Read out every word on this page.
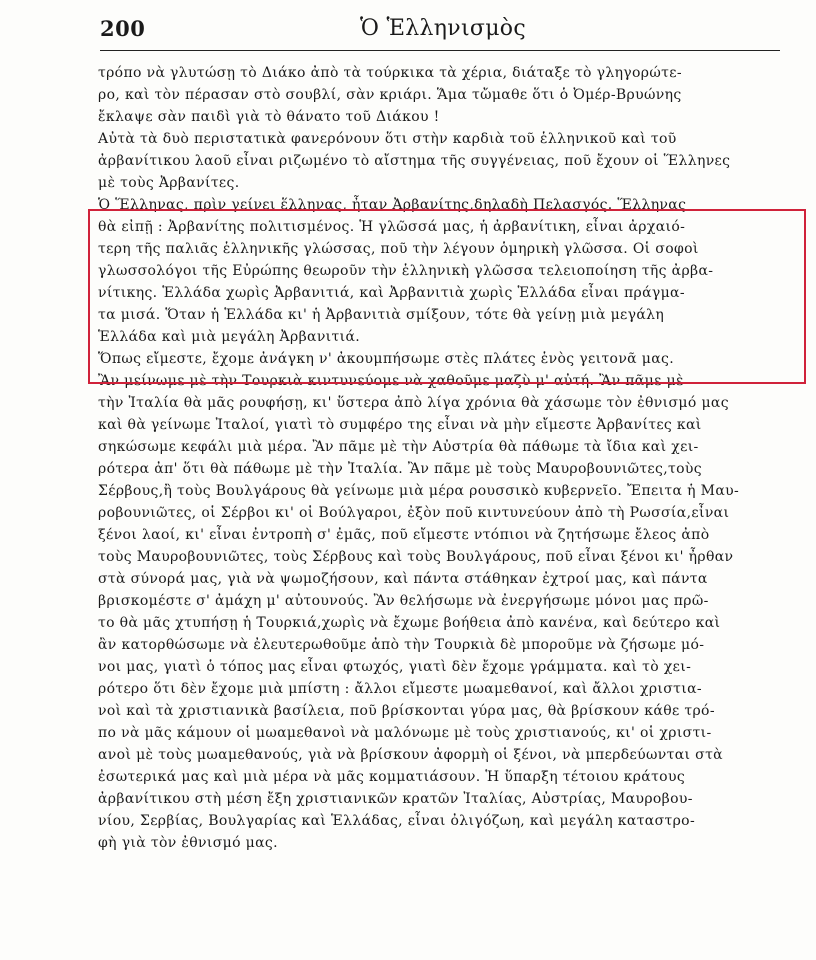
200	Ὁ Ἑλληνισμὸς
τρόπο νὰ γλυτώσῃ τὸ Διάκο ἀπὸ τὰ τούρκικα τὰ χέρια, διάταξε τὸ γληγορώτε-
ρο, καὶ τὸν πέρασαν στὸ σουβλί, σὰν κριάρι. Ἅμα τὤμαθε ὅτι ὁ Ὀμέρ-Βρυώνης
ἔκλαψε σὰν παιδὶ γιὰ τὸ θάνατο τοῦ Διάκου !
Αὐτὰ τὰ δυὸ περιστατικὰ φανερόνουν ὅτι στὴν καρδιὰ τοῦ ἑλληνικοῦ καὶ τοῦ
ἀρβανίτικου λαοῦ εἶναι ριζωμένο τὸ αἴστημα τῆς συγγένειας, ποῦ ἔχουν οἱ Ἕλληνες
μὲ τοὺς Ἀρβανίτες.
Ὁ Ἕλληνας, πρὶν γείνει ἕλληνας, ἦταν Ἀρβανίτης,δηλαδὴ Πελασγός. Ἕλληνας
θὰ εἰπῇ : Ἀρβανίτης πολιτισμένος. Ἡ γλῶσσά μας, ἡ ἀρβανίτικη, εἶναι ἀρχαιό-
τερη τῆς παλιᾶς ἑλληνικῆς γλώσσας, ποῦ τὴν λέγουν ὁμηρικὴ γλῶσσα. Οἱ σοφοὶ
γλωσσολόγοι τῆς Εὐρώπης θεωροῦν τὴν ἑλληνικὴ γλῶσσα τελειοποίηση τῆς ἀρβα-
νίτικης. Ἑλλάδα χωρὶς Ἀρβανιτιά, καὶ Ἀρβανιτιὰ χωρὶς Ἑλλάδα εἶναι πράγμα-
τα μισά. Ὅταν ἡ Ἑλλάδα κι' ἡ Ἀρβανιτιὰ σμίξουν, τότε θὰ γείνῃ μιὰ μεγάλη
Ἑλλάδα καὶ μιὰ μεγάλη Ἀρβανιτιά.
Ὅπως εἴμεστε, ἔχομε ἀνάγκη ν' ἀκουμπήσωμε στὲς πλάτες ἑνὸς γειτονᾶ μας.
Ἂν μείνωμε μὲ τὴν Τουρκιὰ κιντυνεύομε νὰ χαθοῦμε μαζὺ μ' αὐτή. Ἂν πᾶμε μὲ
τὴν Ἰταλία θὰ μᾶς ρουφήσῃ, κι' ὕστερα ἀπὸ λίγα χρόνια θὰ χάσωμε τὸν ἐθνισμό μας
καὶ θὰ γείνωμε Ἰταλοί, γιατὶ τὸ συμφέρο της εἶναι νὰ μὴν εἴμεστε Ἀρβανίτες καὶ
σηκώσωμε κεφάλι μιὰ μέρα. Ἂν πᾶμε μὲ τὴν Αὐστρία θὰ πάθωμε τὰ ἴδια καὶ χει-
ρότερα ἀπ' ὅτι θὰ πάθωμε μὲ τὴν Ἰταλία. Ἂν πᾶμε μὲ τοὺς Μαυροβουνιῶτες,τοὺς
Σέρβους,ἢ τοὺς Βουλγάρους θὰ γείνωμε μιὰ μέρα ρουσσικὸ κυβερνεῖο. Ἔπειτα ἡ Μαυ-
ροβουνιῶτες, οἱ Σέρβοι κι' οἱ Βούλγαροι, ἐξὸν ποῦ κιντυνεύουν ἀπὸ τὴ Ρωσσία,εἶναι
ξένοι λαοί, κι' εἶναι ἐντροπὴ σ' ἐμᾶς, ποῦ εἴμεστε ντόπιοι νὰ ζητήσωμε ἔλεος ἀπὸ
τοὺς Μαυροβουνιῶτες, τοὺς Σέρβους καὶ τοὺς Βουλγάρους, ποῦ εἶναι ξένοι κι' ἦρθαν
στὰ σύνορά μας, γιὰ νὰ ψωμοζήσουν, καὶ πάντα στάθηκαν ἐχτροί μας, καὶ πάντα
βρισκομέστε σ' ἀμάχη μ' αὐτουνούς. Ἂν θελήσωμε νὰ ἐνεργήσωμε μόνοι μας πρῶ-
το θὰ μᾶς χτυπήσῃ ἡ Τουρκιά,χωρὶς νὰ ἔχωμε βοήθεια ἀπὸ κανένα, καὶ δεύτερο καὶ
ἂν κατορθώσωμε νὰ ἐλευτερωθοῦμε ἀπὸ τὴν Τουρκιὰ δὲ μποροῦμε νὰ ζήσωμε μό-
νοι μας, γιατὶ ὁ τόπος μας εἶναι φτωχός, γιατὶ δὲν ἔχομε γράμματα. καὶ τὸ χει-
ρότερο ὅτι δὲν ἔχομε μιὰ μπίστη : ἄλλοι εἴμεστε μωαμεθανοί, καὶ ἄλλοι χριστια-
νοὶ καὶ τὰ χριστιανικὰ βασίλεια, ποῦ βρίσκονται γύρα μας, θὰ βρίσκουν κάθε τρό-
πο νὰ μᾶς κάμουν οἱ μωαμεθανοὶ νὰ μαλόνωμε μὲ τοὺς χριστιανούς, κι' οἱ χριστι-
ανοὶ μὲ τοὺς μωαμεθανούς, γιὰ νὰ βρίσκουν ἀφορμὴ οἱ ξένοι, νὰ μπερδεύωνται στὰ
ἐσωτερικά μας καὶ μιὰ μέρα νὰ μᾶς κομματιάσουν. Ἡ ὕπαρξη τέτοιου κράτους
ἀρβανίτικου στὴ μέση ἔξη χριστιανικῶν κρατῶν Ἰταλίας, Αὐστρίας, Μαυροβου-
νίου, Σερβίας, Βουλγαρίας καὶ Ἑλλάδας, εἶναι ὀλιγόζωη, καὶ μεγάλη καταστρο-
φὴ γιὰ τὸν ἐθνισμό μας.
